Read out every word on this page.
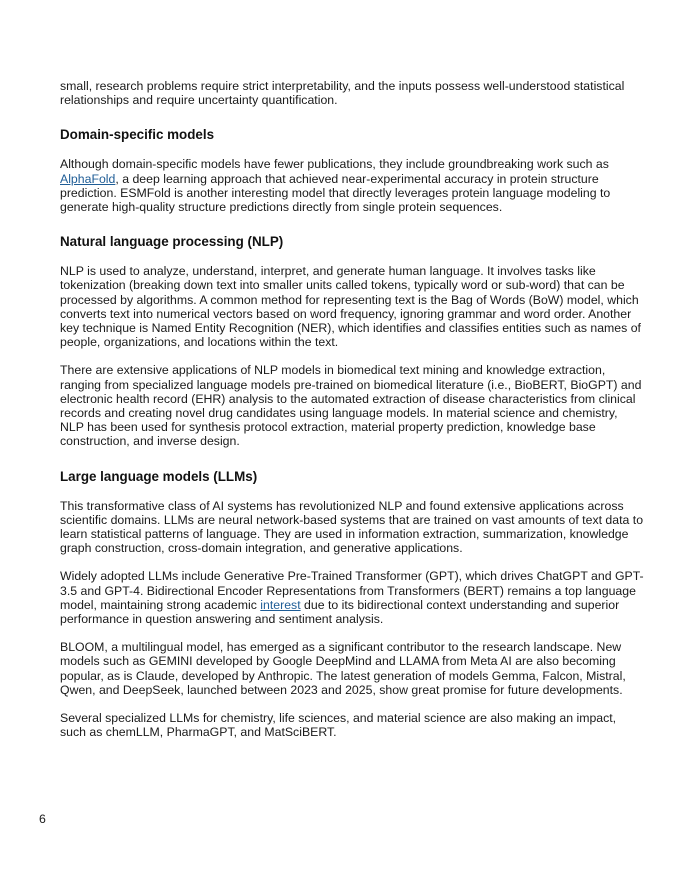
small, research problems require strict interpretability, and the inputs possess well-understood statistical relationships and require uncertainty quantification.

Domain-specific models

Although domain-specific models have fewer publications, they include groundbreaking work such as AlphaFold, a deep learning approach that achieved near-experimental accuracy in protein structure prediction. ESMFold is another interesting model that directly leverages protein language modeling to generate high-quality structure predictions directly from single protein sequences.

Natural language processing (NLP)

NLP is used to analyze, understand, interpret, and generate human language. It involves tasks like tokenization (breaking down text into smaller units called tokens, typically word or sub-word) that can be processed by algorithms. A common method for representing text is the Bag of Words (BoW) model, which converts text into numerical vectors based on word frequency, ignoring grammar and word order. Another key technique is Named Entity Recognition (NER), which identifies and classifies entities such as names of people, organizations, and locations within the text.

There are extensive applications of NLP models in biomedical text mining and knowledge extraction, ranging from specialized language models pre-trained on biomedical literature (i.e., BioBERT, BioGPT) and electronic health record (EHR) analysis to the automated extraction of disease characteristics from clinical records and creating novel drug candidates using language models. In material science and chemistry, NLP has been used for synthesis protocol extraction, material property prediction, knowledge base construction, and inverse design.

Large language models (LLMs)

This transformative class of AI systems has revolutionized NLP and found extensive applications across scientific domains. LLMs are neural network-based systems that are trained on vast amounts of text data to learn statistical patterns of language. They are used in information extraction, summarization, knowledge graph construction, cross-domain integration, and generative applications.

Widely adopted LLMs include Generative Pre-Trained Transformer (GPT), which drives ChatGPT and GPT-3.5 and GPT-4. Bidirectional Encoder Representations from Transformers (BERT) remains a top language model, maintaining strong academic interest due to its bidirectional context understanding and superior performance in question answering and sentiment analysis.

BLOOM, a multilingual model, has emerged as a significant contributor to the research landscape. New models such as GEMINI developed by Google DeepMind and LLAMA from Meta AI are also becoming popular, as is Claude, developed by Anthropic. The latest generation of models Gemma, Falcon, Mistral, Qwen, and DeepSeek, launched between 2023 and 2025, show great promise for future developments.

Several specialized LLMs for chemistry, life sciences, and material science are also making an impact, such as chemLLM, PharmaGPT, and MatSciBERT.

6
